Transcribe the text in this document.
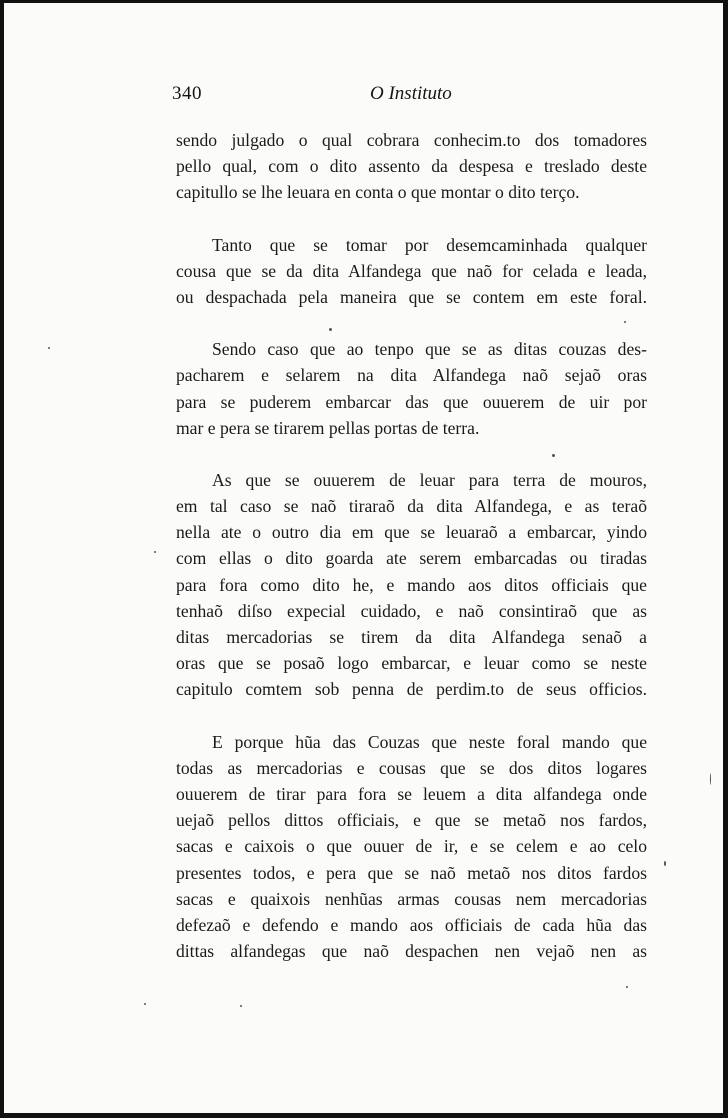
340	O Instituto
sendo julgado o qual cobrara conhecim.to dos tomadores
pello qual, com o dito assento da despesa e treslado deste
capitullo se lhe leuara en conta o que montar o dito terço.
Tanto que se tomar por desemcaminhada qualquer
cousa que se da dita Alfandega que naõ for celada e leada,
ou despachada pela maneira que se contem em este foral.
Sendo caso que ao tenpo que se as ditas couzas des-
pacharem e selarem na dita Alfandega naõ sejaõ oras
para se puderem embarcar das que ouuerem de uir por
mar e pera se tirarem pellas portas de terra.
As que se ouuerem de leuar para terra de mouros,
em tal caso se naõ tiraraõ da dita Alfandega, e as teraõ
nella ate o outro dia em que se leuaraõ a embarcar, yindo
com ellas o dito goarda ate serem embarcadas ou tiradas
para fora como dito he, e mando aos ditos officiais que
tenhaõ diſso expecial cuidado, e naõ consintiraõ que as
ditas mercadorias se tirem da dita Alfandega senaõ a
oras que se posaõ logo embarcar, e leuar como se neste
capitulo comtem sob penna de perdim.to de seus officios.
E porque hũa das Couzas que neste foral mando que
todas as mercadorias e cousas que se dos ditos logares
ouuerem de tirar para fora se leuem a dita alfandega onde
uejaõ pellos dittos officiais, e que se metaõ nos fardos,
sacas e caixois o que ouuer de ir, e se celem e ao celo
presentes todos, e pera que se naõ metaõ nos ditos fardos
sacas e quaixois nenhũas armas cousas nem mercadorias
defezaõ e defendo e mando aos officiais de cada hũa das
dittas alfandegas que naõ despachen nen vejaõ nen as
